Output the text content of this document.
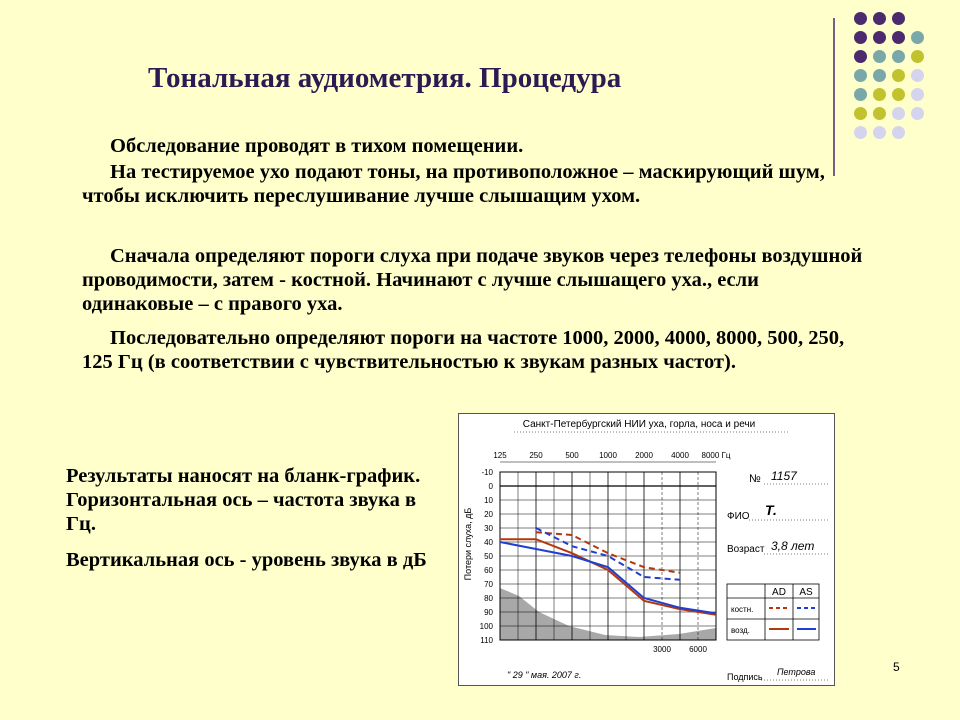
Тональная аудиометрия. Процедура
Обследование проводят в тихом помещении.
На тестируемое ухо подают тоны, на противоположное – маскирующий шум, чтобы исключить переслушивание лучше слышащим ухом.
Сначала определяют пороги слуха при подаче звуков через телефоны воздушной проводимости, затем - костной. Начинают с лучше слышащего уха., если одинаковые – с правого уха.
Последовательно определяют пороги на частоте 1000, 2000, 4000, 8000, 500, 250, 125 Гц (в соответствии с чувствительностью к звукам разных частот).
Результаты наносят на бланк-график. Горизонтальная ось – частота звука в Гц.
Вертикальная ось - уровень звука в дБ
5
Санкт-Петербургский НИИ уха, горла, носа и речи
125	250	500	1000 2000 4000 8000 Гц
-10
0
10
20
30
40
50
60
70
80
90
100
110
Потери слуха, дБ
3000 6000
№ 1157
ФИО Т.
Возраст 3,8 лет
AD AS
костн.
возд.
" 29 " мая. 2007 г.	Подпись Петрова
